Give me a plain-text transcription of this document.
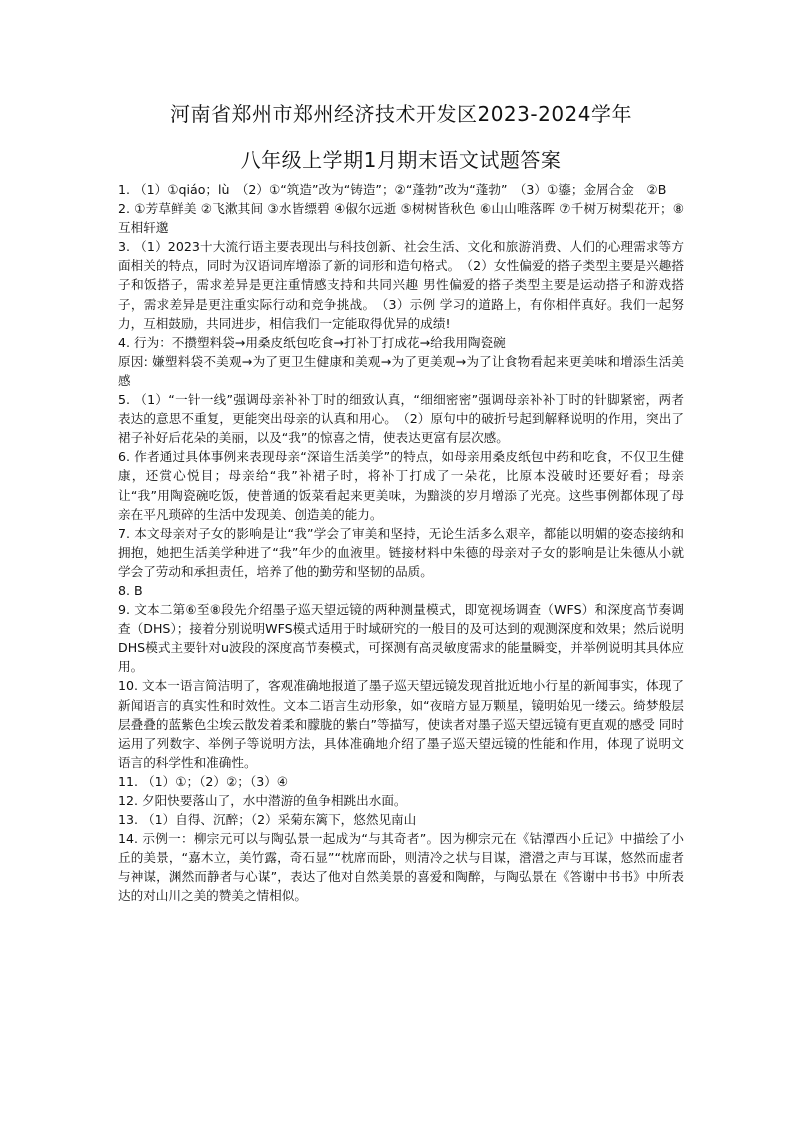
河南省郑州市郑州经济技术开发区2023-2024学年
八年级上学期1月期末语文试题答案

1. （1）①qiáo；lù　（2）①“筑造”改为“铸造”；②“蓬勃”改为“蓬勃”　（3）①鎏；金屑合金　②B

2. ①芳草鲜美 ②飞漱其间 ③水皆缥碧 ④俶尔远逝 ⑤树树皆秋色 ⑥山山唯落晖 ⑦千树万树梨花开；⑧互相轩邈

3. （1）2023十大流行语主要表现出与科技创新、社会生活、文化和旅游消费、人们的心理需求等方面相关的特点，同时为汉语词库增添了新的词形和造句格式。　（2）女性偏爱的搭子类型主要是兴趣搭子和饭搭子，需求差异是更注重情感支持和共同兴趣 男性偏爱的搭子类型主要是运动搭子和游戏搭子，需求差异是更注重实际行动和竞争挑战。　（3）示例 学习的道路上，有你相伴真好。我们一起努力，互相鼓励，共同进步，相信我们一定能取得优异的成绩!

4. 行为：不攒塑料袋→用桑皮纸包吃食→打补丁打成花→给我用陶瓷碗

原因: 嫌塑料袋不美观→为了更卫生健康和美观→为了更美观→为了让食物看起来更美味和增添生活美感

5. （1）“一针一线”强调母亲补补丁时的细致认真，“细细密密”强调母亲补补丁时的针脚紧密，两者表达的意思不重复，更能突出母亲的认真和用心。　（2）原句中的破折号起到解释说明的作用，突出了裙子补好后花朵的美丽，以及“我”的惊喜之情，使表达更富有层次感。

6. 作者通过具体事例来表现母亲“深谙生活美学”的特点，如母亲用桑皮纸包中药和吃食，不仅卫生健康，还赏心悦目；母亲给“我”补裙子时，将补丁打成了一朵花，比原本没破时还要好看；母亲让“我”用陶瓷碗吃饭，使普通的饭菜看起来更美味，为黯淡的岁月增添了光亮。这些事例都体现了母亲在平凡琐碎的生活中发现美、创造美的能力。

7. 本文母亲对子女的影响是让“我”学会了审美和坚持，无论生活多么艰辛，都能以明媚的姿态接纳和拥抱，她把生活美学种进了“我”年少的血液里。链接材料中朱德的母亲对子女的影响是让朱德从小就学会了劳动和承担责任，培养了他的勤劳和坚韧的品质。

8. B

9. 文本二第⑥至⑧段先介绍墨子巡天望远镜的两种测量模式，即宽视场调查（WFS）和深度高节奏调查（DHS）；接着分别说明WFS模式适用于时域研究的一般目的及可达到的观测深度和效果；然后说明DHS模式主要针对u波段的深度高节奏模式，可探测有高灵敏度需求的能量瞬变，并举例说明其具体应用。

10. 文本一语言简洁明了，客观准确地报道了墨子巡天望远镜发现首批近地小行星的新闻事实，体现了新闻语言的真实性和时效性。文本二语言生动形象，如“夜暗方显万颗星，镜明始见一缕云。绮梦般层层叠叠的蓝紫色尘埃云散发着柔和朦胧的紫白”等描写，使读者对墨子巡天望远镜有更直观的感受 同时运用了列数字、举例子等说明方法，具体准确地介绍了墨子巡天望远镜的性能和作用，体现了说明文语言的科学性和准确性。

11. （1）①；（2）②；（3）④

12. 夕阳快要落山了，水中潜游的鱼争相跳出水面。

13. （1）自得、沉醉；（2）采菊东篱下，悠然见南山

14. 示例一：柳宗元可以与陶弘景一起成为“与其奇者”。因为柳宗元在《钴潭西小丘记》中描绘了小丘的美景，“嘉木立，美竹露，奇石显”“枕席而卧，则清冷之状与目谋，瀯瀯之声与耳谋，悠然而虚者与神谋，渊然而静者与心谋”，表达了他对自然美景的喜爱和陶醉，与陶弘景在《答谢中书书》中所表达的对山川之美的赞美之情相似。
